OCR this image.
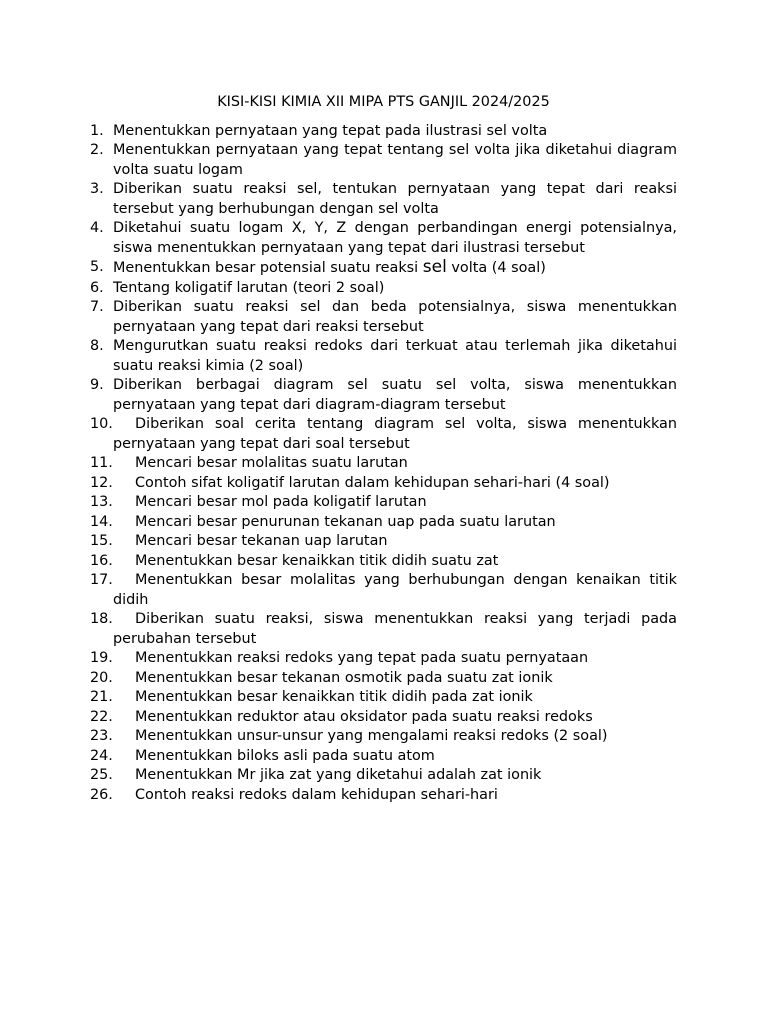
KISI-KISI KIMIA XII MIPA PTS GANJIL 2024/2025
1. Menentukkan pernyataan yang tepat pada ilustrasi sel volta
2. Menentukkan pernyataan yang tepat tentang sel volta jika diketahui diagram volta suatu logam
3. Diberikan suatu reaksi sel, tentukan pernyataan yang tepat dari reaksi tersebut yang berhubungan dengan sel volta
4. Diketahui suatu logam X, Y, Z dengan perbandingan energi potensialnya, siswa menentukkan pernyataan yang tepat dari ilustrasi tersebut
5. Menentukkan besar potensial suatu reaksi sel volta (4 soal)
6. Tentang koligatif larutan (teori 2 soal)
7. Diberikan suatu reaksi sel dan beda potensialnya, siswa menentukkan pernyataan yang tepat dari reaksi tersebut
8. Mengurutkan suatu reaksi redoks dari terkuat atau terlemah jika diketahui suatu reaksi kimia (2 soal)
9. Diberikan berbagai diagram sel suatu sel volta, siswa menentukkan pernyataan yang tepat dari diagram-diagram tersebut
10. Diberikan soal cerita tentang diagram sel volta, siswa menentukkan pernyataan yang tepat dari soal tersebut
11. Mencari besar molalitas suatu larutan
12. Contoh sifat koligatif larutan dalam kehidupan sehari-hari (4 soal)
13. Mencari besar mol pada koligatif larutan
14. Mencari besar penurunan tekanan uap pada suatu larutan
15. Mencari besar tekanan uap larutan
16. Menentukkan besar kenaikkan titik didih suatu zat
17. Menentukkan besar molalitas yang berhubungan dengan kenaikan titik didih
18. Diberikan suatu reaksi, siswa menentukkan reaksi yang terjadi pada perubahan tersebut
19. Menentukkan reaksi redoks yang tepat pada suatu pernyataan
20. Menentukkan besar tekanan osmotik pada suatu zat ionik
21. Menentukkan besar kenaikkan titik didih pada zat ionik
22. Menentukkan reduktor atau oksidator pada suatu reaksi redoks
23. Menentukkan unsur-unsur yang mengalami reaksi redoks (2 soal)
24. Menentukkan biloks asli pada suatu atom
25. Menentukkan Mr jika zat yang diketahui adalah zat ionik
26. Contoh reaksi redoks dalam kehidupan sehari-hari
